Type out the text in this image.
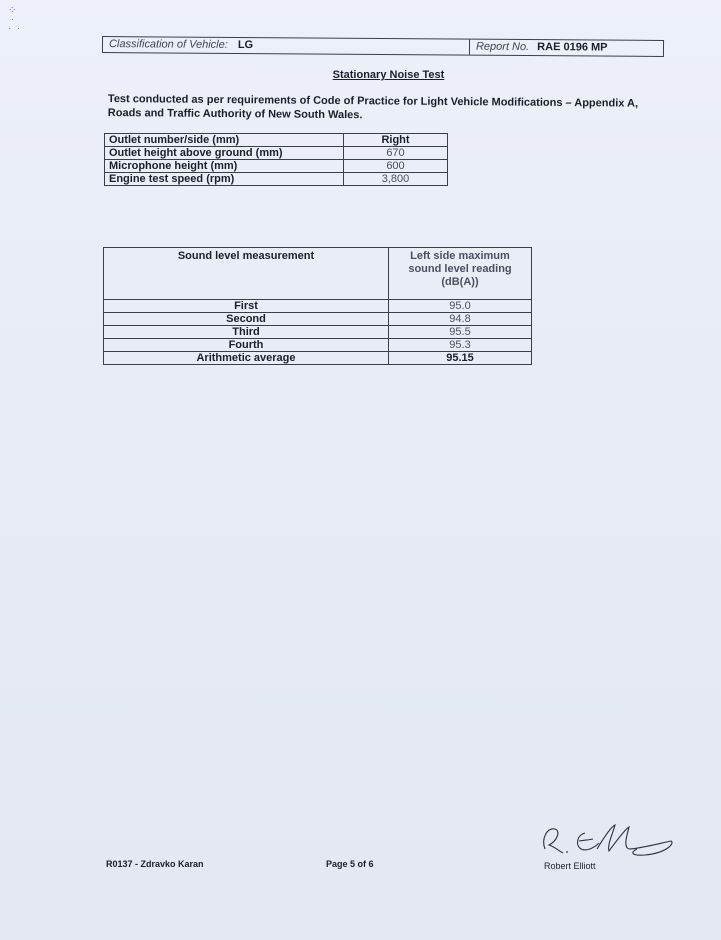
⁘
·
·  ·
Classification of Vehicle: LG	Report No. RAE 0196 MP
Stationary Noise Test
Test conducted as per requirements of Code of Practice for Light Vehicle Modifications – Appendix A, Roads and Traffic Authority of New South Wales.
Outlet number/side (mm)	Right
Outlet height above ground (mm)	670
Microphone height (mm)	600
Engine test speed (rpm)	3,800
Sound level measurement	Left side maximum sound level reading (dB(A))
First	95.0
Second	94.8
Third	95.5
Fourth	95.3
Arithmetic average	95.15
R0137 - Zdravko Karan	Page 5 of 6	Robert Elliott
